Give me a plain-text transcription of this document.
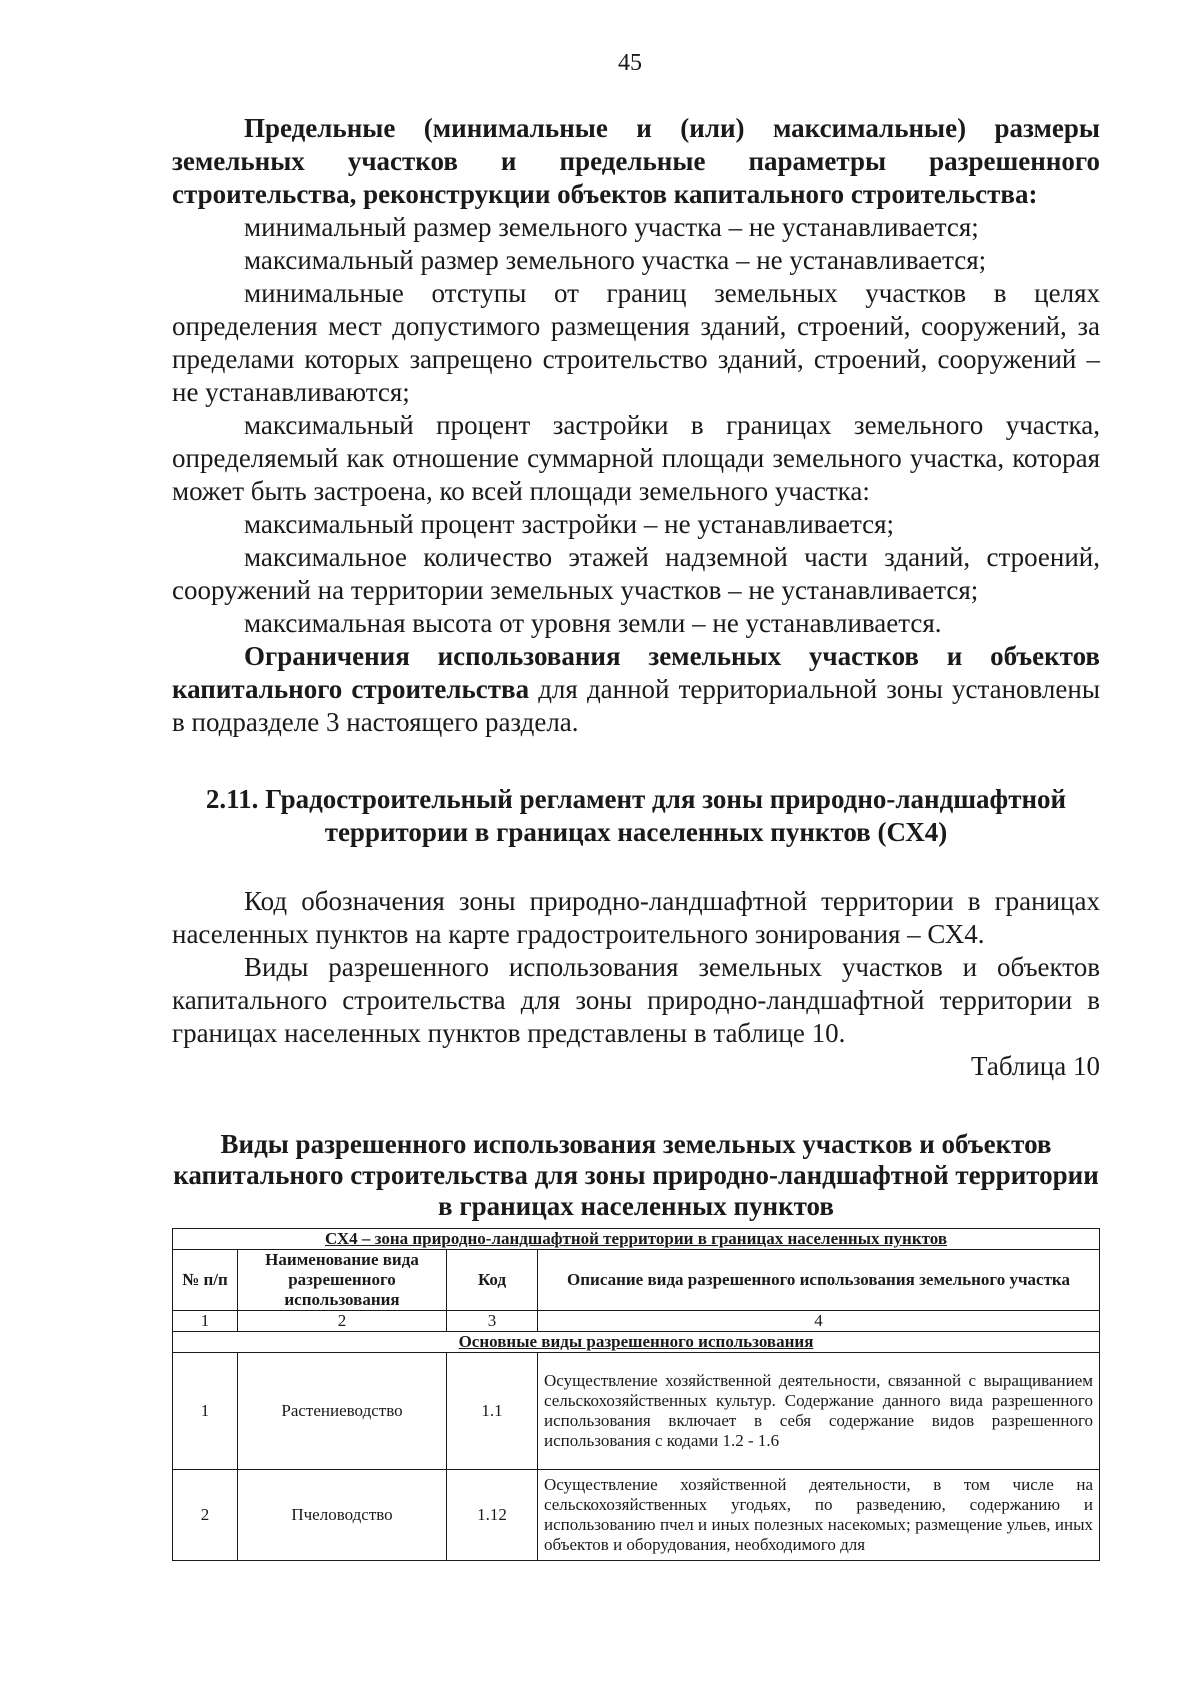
45

Предельные (минимальные и (или) максимальные) размеры земельных участков и предельные параметры разрешенного строительства, реконструкции объектов капитального строительства:

минимальный размер земельного участка – не устанавливается;

максимальный размер земельного участка – не устанавливается;

минимальные отступы от границ земельных участков в целях определения мест допустимого размещения зданий, строений, сооружений, за пределами которых запрещено строительство зданий, строений, сооружений – не устанавливаются;

максимальный процент застройки в границах земельного участка, определяемый как отношение суммарной площади земельного участка, которая может быть застроена, ко всей площади земельного участка:

максимальный процент застройки – не устанавливается;

максимальное количество этажей надземной части зданий, строений, сооружений на территории земельных участков – не устанавливается;

максимальная высота от уровня земли – не устанавливается.

Ограничения использования земельных участков и объектов капитального строительства для данной территориальной зоны установлены в подразделе 3 настоящего раздела.

2.11. Градостроительный регламент для зоны природно-ландшафтной территории в границах населенных пунктов (СХ4)

Код обозначения зоны природно-ландшафтной территории в границах населенных пунктов на карте градостроительного зонирования – СХ4.

Виды разрешенного использования земельных участков и объектов капитального строительства для зоны природно-ландшафтной территории в границах населенных пунктов представлены в таблице 10.

Таблица 10

Виды разрешенного использования земельных участков и объектов капитального строительства для зоны природно-ландшафтной территории в границах населенных пунктов

СХ4 – зона природно-ландшафтной территории в границах населенных пунктов			
№ п/п	Наименование вида разрешенного использования	Код	Описание вида разрешенного использования земельного участка
1	2	3	4
Основные виды разрешенного использования			
1	Растениеводство	1.1	Осуществление хозяйственной деятельности, связанной с выращиванием сельскохозяйственных культур. Содержание данного вида разрешенного использования включает в себя содержание видов разрешенного использования с кодами 1.2 - 1.6
2	Пчеловодство	1.12	Осуществление хозяйственной деятельности, в том числе на сельскохозяйственных угодьях, по разведению, содержанию и использованию пчел и иных полезных насекомых; размещение ульев, иных объектов и оборудования, необходимого для
